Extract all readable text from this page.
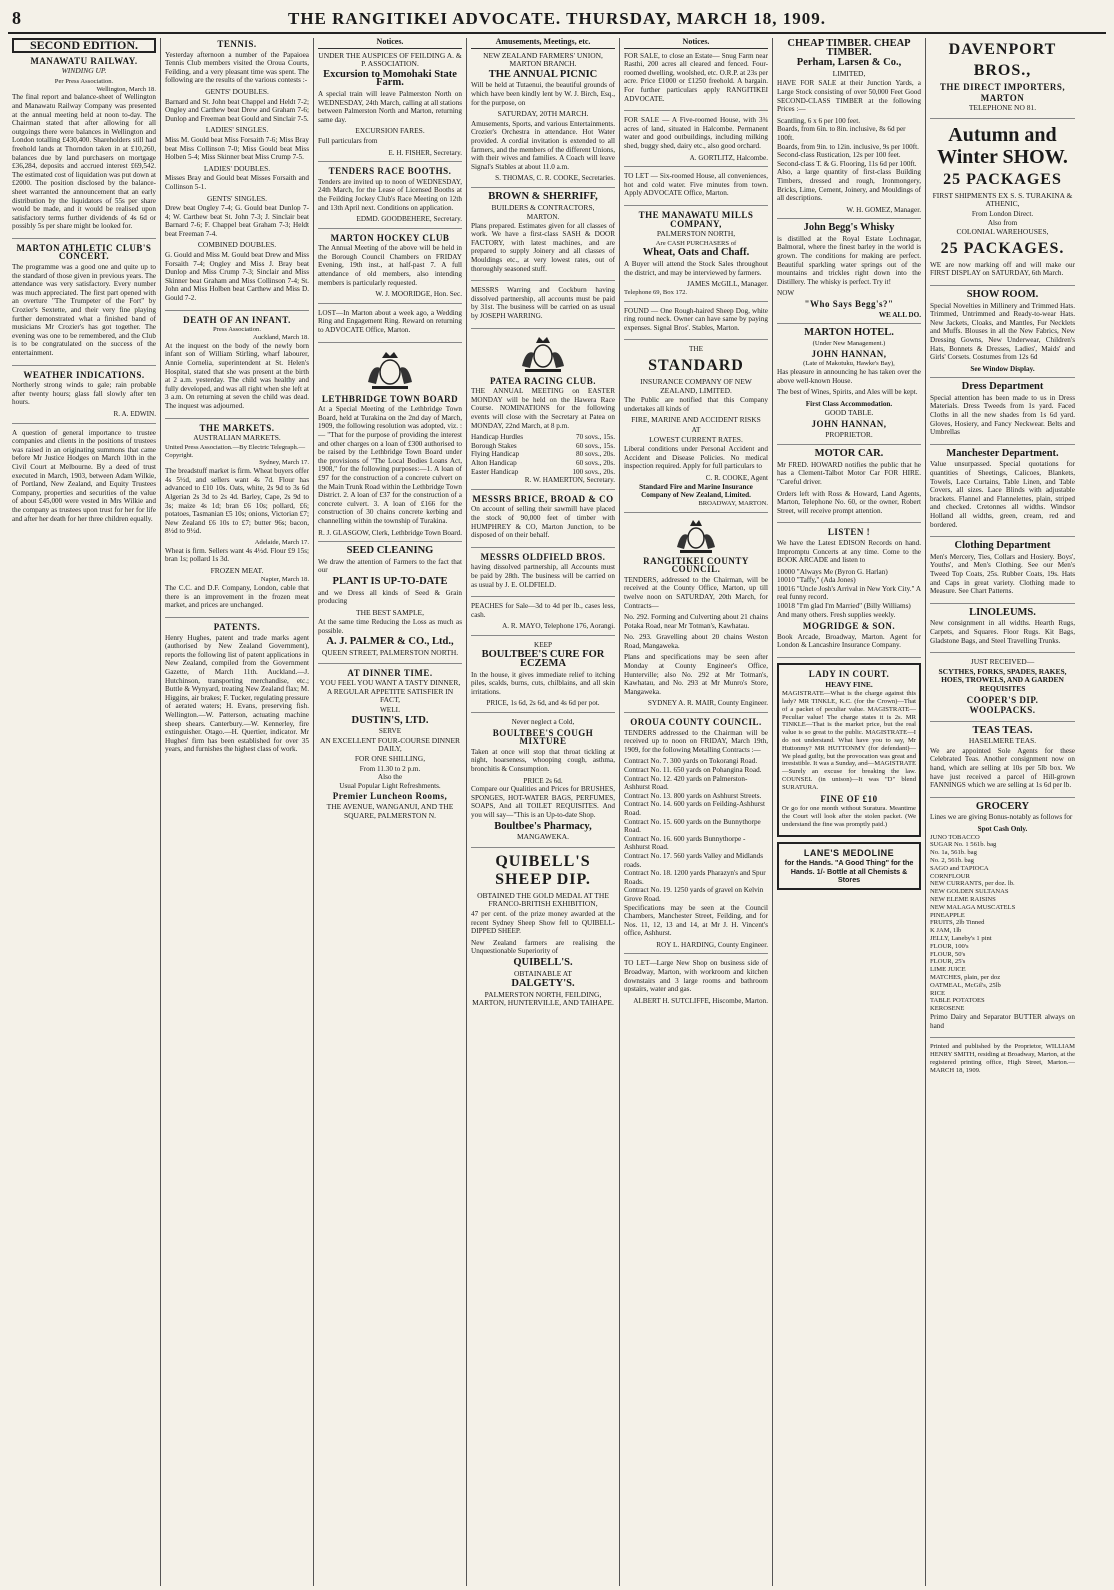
8	THE RANGITIKEI ADVOCATE. THURSDAY, MARCH 18, 1909.
SECOND EDITION.
MANAWATU RAILWAY.
WINDING UP.
Per Press Association.
Wellington, March 18.

The final report and balance-sheet of Wellington and Manawatu Railway Company was presented at the annual meeting held at noon to-day. The Chairman stated that after allowing for all outgoings there were balances in Wellington and London totalling £430,400. Shareholders still had freehold lands at Thorndon taken in at £10,260, balances due by land purchasers on mortgage £36,284, deposits and accrued interest £69,542. The estimated cost of liquidation was put down at £2000. The position disclosed by the balance-sheet warranted the announcement that an early distribution by the liquidators of 55s per share would be made, and it would be realised upon satisfactory terms further dividends of 4s 6d or possibly 5s per share might be looked for.

MARTON ATHLETIC CLUB'S CONCERT.

The programme was a good one and quite up to the standard of those given in previous years. The attendance was very satisfactory. Every number was much appreciated. The first part opened with an overture "The Trumpeter of the Fort" by Crozier's Sextette, and their very fine playing further demonstrated what a finished band of musicians Mr Crozier's has got together. The evening was one to be remembered, and the Club is to be congratulated on the success of the entertainment.

WEATHER INDICATIONS.

Northerly strong winds to gale; rain probable after twenty hours; glass fall slowly after ten hours.

R. A. EDWIN.

A question of general importance to trustee companies and clients in the positions of trustees was raised in an originating summons that came before Mr Justice Hodges on March 10th in the Civil Court at Melbourne. By a deed of trust executed in March, 1903, between Adam Wilkie, of Portland, New Zealand, and Equity Trustees Company, properties and securities of the value of about £45,000 were vested in Mrs Wilkie and the company as trustees upon trust for her for life and after her death for her three children equally.

TENNIS.

Yesterday afternoon a number of the Papaioea Tennis Club members visited the Oroua Courts, Feilding, and a very pleasant time was spent. The following are the results of the various contests :-

GENTS' DOUBLES.

Barnard and St. John beat Chappel and Heldt 7-2; Ongley and Carthew beat Drew and Graham 7-6; Dunlop and Freeman beat Gould and Sinclair 7-5.

LADIES' SINGLES.

Miss M. Gould beat Miss Forsaith 7-6; Miss Bray beat Miss Collinson 7-0; Miss Gould beat Miss Holben 5-4; Miss Skinner beat Miss Crump 7-5.

LADIES' DOUBLES.

Misses Bray and Gould beat Misses Forsaith and Collinson 5-1.

GENTS' SINGLES.

Drew beat Ongley 7-4; G. Gould beat Dunlop 7-4; W. Carthew beat St. John 7-3; J. Sinclair beat Barnard 7-6; F. Chappel beat Graham 7-3; Heldt beat Freeman 7-4.

COMBINED DOUBLES.

G. Gould and Miss M. Gould beat Drew and Miss Forsaith 7-4; Ongley and Miss J. Bray beat Dunlop and Miss Crump 7-3; Sinclair and Miss Skinner beat Graham and Miss Collinson 7-4; St. John and Miss Holben beat Carthew and Miss D. Gould 7-2.

DEATH OF AN INFANT.
Press Association.
Auckland, March 18.

At the inquest on the body of the newly born infant son of William Stirling, wharf labourer, Annie Cornelia, superintendent at St. Helen's Hospital, stated that she was present at the birth at 2 a.m. yesterday. The child was healthy and fully developed, and was all right when she left at 3 a.m. On returning at seven the child was dead. The inquest was adjourned.

THE MARKETS.
AUSTRALIAN MARKETS.
United Press Association.—By Electric Telegraph.—Copyright.
Sydney, March 17.

The breadstuff market is firm. Wheat buyers offer 4s 5½d, and sellers want 4s 7d. Flour has advanced to £10 10s. Oats, white, 2s 9d to 3s 6d Algerian 2s 3d to 2s 4d. Barley, Cape, 2s 9d to 3s; maize 4s 1d; bran £6 10s; pollard, £6; potatoes, Tasmanian £5 10s; onions, Victorian £7; New Zealand £6 10s to £7; butter 96s; bacon, 8½d to 9½d.

Adelaide, March 17.

Wheat is firm. Sellers want 4s 4½d. Flour £9 15s; bran 1s; pollard 1s 3d.

FROZEN MEAT.
Napier, March 18.

The C.C. and D.F. Company, London, cable that there is an improvement in the frozen meat market, and prices are unchanged.

PATENTS.

Henry Hughes, patent and trade marks agent (authorised by New Zealand Government), reports the following list of patent applications in New Zealand, compiled from the Government Gazette, of March 11th. Auckland.—J. Hutchinson, transporting merchandise, etc.; Buttle & Wynyard, treating New Zealand flax; M. Higgins, air brakes; F. Tucker, regulating pressure of aerated waters; H. Evans, preserving fish. Wellington.—W. Patterson, actuating machine sheep shears. Canterbury.—W. Kennerley, fire extinguisher. Otago.—H. Quertier, indicator. Mr Hughes' firm has been established for over 35 years, and furnishes the highest class of work.

Notices.
UNDER THE AUSPICES OF FEILDING A. & P. ASSOCIATION.
Excursion to Momohaki State Farm.

A special train will leave Palmerston North on WEDNESDAY, 24th March, calling at all stations between Palmerston North and Marton, returning same day.

EXCURSION FARES.

Full particulars from

E. H. FISHER, Secretary.
TENDERS RACE BOOTHS.

Tenders are invited up to noon of WEDNESDAY, 24th March, for the Lease of Licensed Booths at the Feilding Jockey Club's Race Meeting on 12th and 13th April next. Conditions on application.

EDMD. GOODBEHERE, Secretary.
MARTON HOCKEY CLUB

The Annual Meeting of the above will be held in the Borough Council Chambers on FRIDAY Evening, 19th inst., at half-past 7. A full attendance of old members, also intending members is particularly requested.

W. J. MOORIDGE, Hon. Sec.

LOST—In Marton about a week ago, a Wedding Ring and Engagement Ring. Reward on returning to ADVOCATE Office, Marton.

LETHBRIDGE TOWN BOARD

At a Special Meeting of the Lethbridge Town Board, held at Turakina on the 2nd day of March, 1909, the following resolution was adopted, viz. :— "That for the purpose of providing the interest and other charges on a loan of £300 authorised to be raised by the Lethbridge Town Board under the provisions of "The Local Bodies Loans Act, 1908," for the following purposes:—1. A loan of £97 for the construction of a concrete culvert on the Main Trunk Road within the Lethbridge Town District. 2. A loan of £37 for the construction of a concrete culvert. 3. A loan of £166 for the construction of 30 chains concrete kerbing and channelling within the township of Turakina.

R. J. GLASGOW, Clerk, Lethbridge Town Board.
SEED CLEANING

We draw the attention of Farmers to the fact that our

PLANT IS UP-TO-DATE

and we Dress all kinds of Seed & Grain producing

THE BEST SAMPLE,

At the same time Reducing the Loss as much as possible.

A. J. PALMER & CO., Ltd.,
QUEEN STREET, PALMERSTON NORTH.
AT DINNER TIME.
YOU FEEL YOU WANT A TASTY DINNER, A REGULAR APPETITE SATISFIER IN FACT,
WELL
DUSTIN'S, LTD.
SERVE
AN EXCELLENT FOUR-COURSE DINNER DAILY,
FOR ONE SHILLING,
From 11.30 to 2 p.m.
Also the
Usual Popular Light Refreshments.
Premier Luncheon Rooms,
THE AVENUE, WANGANUI, AND THE SQUARE, PALMERSTON N.
Amusements, Meetings, etc.
NEW ZEALAND FARMERS' UNION, MARTON BRANCH.
THE ANNUAL PICNIC

Will be held at Tutaenui, the beautiful grounds of which have been kindly lent by W. J. Birch, Esq., for the purpose, on

SATURDAY, 20TH MARCH.

Amusements, Sports, and various Entertainments. Crozier's Orchestra in attendance. Hot Water provided. A cordial invitation is extended to all farmers, and the members of the different Unions, with their wives and families. A Coach will leave Signal's Stables at about 11.0 a.m.

S. THOMAS, C. R. COOKE, Secretaries.
BROWN & SHERRIFF,
BUILDERS & CONTRACTORS,
MARTON.

Plans prepared. Estimates given for all classes of work. We have a first-class SASH & DOOR FACTORY, with latest machines, and are prepared to supply Joinery and all classes of Mouldings etc., at very lowest rates, out of thoroughly seasoned stuff.

MESSRS Warring and Cockburn having dissolved partnership, all accounts must be paid by 31st. The business will be carried on as usual by JOSEPH WARRING.

PATEA RACING CLUB.

THE ANNUAL MEETING on EASTER MONDAY will be held on the Hawera Race Course. NOMINATIONS for the following events will close with the Secretary at Patea on MONDAY, 22nd March, at 8 p.m.

Handicap Hurdles	70 sovs., 15s.
Borough Stakes	60 sovs., 15s.
Flying Handicap	80 sovs., 20s.
Alton Handicap	60 sovs., 20s.
Easter Handicap	100 sovs., 20s.
R. W. HAMERTON, Secretary.
MESSRS BRICE, BROAD & CO

On account of selling their sawmill have placed the stock of 90,000 feet of timber with HUMPHREY & CO, Marton Junction, to be disposed of on their behalf.

MESSRS OLDFIELD BROS.

having dissolved partnership, all Accounts must be paid by 28th. The business will be carried on as usual by J. E. OLDFIELD.

PEACHES for Sale—3d to 4d per lb., cases less, cash.

A. R. MAYO, Telephone 176, Aorangi.
KEEP
BOULTBEE'S CURE FOR ECZEMA

In the house, it gives immediate relief to itching piles, scalds, burns, cuts, chilblains, and all skin irritations.

PRICE, 1s 6d, 2s 6d, and 4s 6d per pot.
Never neglect a Cold,
BOULTBEE'S COUGH MIXTURE

Taken at once will stop that throat tickling at night, hoarseness, whooping cough, asthma, bronchitis & Consumption.

PRICE 2s 6d.

Compare our Qualities and Prices for BRUSHES, SPONGES, HOT-WATER BAGS, PERFUMES, SOAPS, And all TOILET REQUISITES. And you will say—"This is an Up-to-date Shop.

Boultbee's Pharmacy,
MANGAWEKA.
QUIBELL'S SHEEP DIP.
OBTAINED THE GOLD MEDAL AT THE FRANCO-BRITISH EXHIBITION,

47 per cent. of the prize money awarded at the recent Sydney Sheep Show fell to QUIBELL-DIPPED SHEEP.

New Zealand farmers are realising the Unquestionable Superiority of

QUIBELL'S.
OBTAINABLE AT
DALGETY'S.
PALMERSTON NORTH, FEILDING, MARTON, HUNTERVILLE, AND TAIHAPE.
Notices.

FOR SALE, to close an Estate— Snug Farm near Rasthi, 200 acres all cleared and fenced. Four-roomed dwelling, woolshed, etc. O.R.P. at 23s per acre. Price £1000 or £1250 freehold. A bargain. For further particulars apply RANGITIKEI ADVOCATE.

FOR SALE — A Five-roomed House, with 3¾ acres of land, situated in Halcombe. Permanent water and good outbuildings, including milking shed, buggy shed, dairy etc., also good orchard.

A. GORTLITZ, Halcombe.

TO LET — Six-roomed House, all conveniences, hot and cold water. Five minutes from town. Apply ADVOCATE Office, Marton.

THE MANAWATU MILLS COMPANY,
PALMERSTON NORTH,
Are CASH PURCHASERS of
Wheat, Oats and Chaff.

A Buyer will attend the Stock Sales throughout the district, and may be interviewed by farmers.

JAMES McGILL, Manager.
Telephone 69, Box 172.

FOUND — One Rough-haired Sheep Dog, white ring round neck. Owner can have same by paying expenses. Signal Bros'. Stables, Marton.

THE
STANDARD
INSURANCE COMPANY OF NEW ZEALAND, LIMITED.

The Public are notified that this Company undertakes all kinds of

FIRE, MARINE AND ACCIDENT RISKS
AT
LOWEST CURRENT RATES.

Liberal conditions under Personal Accident and Accident and Disease Policies. No medical inspection required. Apply for full particulars to

C. R. COOKE, Agent
Standard Fire and Marine Insurance Company of New Zealand, Limited.
BROADWAY, MARTON.
RANGITIKEI COUNTY COUNCIL.

TENDERS, addressed to the Chairman, will be received at the County Office, Marton, up till twelve noon on SATURDAY, 20th March, for Contracts—

No. 292. Forming and Culverting about 21 chains Potaka Road, near Mr Totman's, Kawhatau.

No. 293. Gravelling about 20 chains Weston Road, Mangaweka.

Plans and specifications may be seen after Monday at County Engineer's Office, Hunterville; also No. 292 at Mr Totman's, Kawhatau, and No. 293 at Mr Munro's Store, Mangaweka.

SYDNEY A. R. MAIR, County Engineer.
OROUA COUNTY COUNCIL.

TENDERS addressed to the Chairman will be received up to noon on FRIDAY, March 19th, 1909, for the following Metalling Contracts :—

Contract No. 7. 300 yards on Tokorangi Road.
Contract No. 11. 650 yards on Pohangina Road.
Contract No. 12. 420 yards on Palmerston-Ashhurst Road.
Contract No. 13. 800 yards on Ashhurst Streets.
Contract No. 14. 600 yards on Feilding-Ashhurst Road.
Contract No. 15. 600 yards on the Bunnythorpe Road.
Contract No. 16. 600 yards Bunnythorpe - Ashhurst Road.
Contract No. 17. 560 yards Valley and Midlands roads.
Contract No. 18. 1200 yards Pharazyn's and Spur Roads.
Contract No. 19. 1250 yards of gravel on Kelvin Grove Road.

Specifications may be seen at the Council Chambers, Manchester Street, Feilding, and for Nos. 11, 12, 13 and 14, at Mr J. H. Vincent's office, Ashhurst.

ROY L. HARDING, County Engineer.

TO LET—Large New Shop on business side of Broadway, Marton, with workroom and kitchen downstairs and 3 large rooms and bathroom upstairs, water and gas.

ALBERT H. SUTCLIFFE, Hiscombe, Marton.
CHEAP TIMBER. CHEAP TIMBER.
Perham, Larsen & Co.,
LIMITED,

HAVE FOR SALE at their Junction Yards, a Large Stock consisting of over 50,000 Feet Good SECOND-CLASS TIMBER at the following Prices :—

Scantling, 6 x 6 per 100 feet.
Boards, from 6in. to 8in. inclusive, 8s 6d per 100ft.
Boards, from 9in. to 12in. inclusive, 9s per 100ft.
Second-class Rustication, 12s per 100 feet.
Second-class T. & G. Flooring, 11s 6d per 100ft.

Also, a large quantity of first-class Building Timbers, dressed and rough, Ironmongery, Bricks, Lime, Cement, Joinery, and Mouldings of all descriptions.

W. H. GOMEZ, Manager.
John Begg's Whisky

is distilled at the Royal Estate Lochnagar, Balmoral, where the finest barley in the world is grown. The conditions for making are perfect. Beautiful sparkling water springs out of the mountains and trickles right down into the Distillery. The whisky is perfect. Try it!

NOW
"Who Says Begg's?"
WE ALL DO.
MARTON HOTEL.
(Under New Management.)
JOHN HANNAN,
(Late of Makotuku, Hawke's Bay),

Has pleasure in announcing he has taken over the above well-known House.

The best of Wines, Spirits, and Ales will be kept.

First Class Accommodation.
GOOD TABLE.
JOHN HANNAN,
PROPRIETOR.
MOTOR CAR.

Mr FRED. HOWARD notifies the public that he has a Clement-Talbot Motor Car FOR HIRE. "Careful driver.

Orders left with Ross & Howard, Land Agents, Marton, Telephone No. 60, or the owner, Robert Street, will receive prompt attention.

LISTEN !

We have the Latest EDISON Records on hand. Impromptu Concerts at any time. Come to the BOOK ARCADE and listen to

10000 "Always Me (Byron G. Harlan)
10010 "Taffy," (Ada Jones)
10016 "Uncle Josh's Arrival in New York City." A real funny record.
10018 "I'm glad I'm Married" (Billy Williams)

And many others. Fresh supplies weekly.

MOGRIDGE & SON.

Book Arcade, Broadway, Marton. Agent for London & Lancashire Insurance Company.

LADY IN COURT.
HEAVY FINE.

MAGISTRATE—What is the charge against this lady? MR TINKLE, K.C. (for the Crown)—That of a packet of peculiar value. MAGISTRATE—Peculiar value! The charge states it is 2s. MR TINKLE—That is the market price, but the real value is so great to the public. MAGISTRATE—I do not understand. What have you to say, Mr Huttonmy? MR HUTTONMY (for defendant)—We plead guilty, but the provocation was great and irresistible. It was a Sunday, and—MAGISTRATE—Surely an excuse for breaking the law. COUNSEL (in unison)—It was "D" blend SURATURA.

FINE OF £10

Or go for one month without Suratura. Meantime the Court will look after the stolen packet. (We understand the fine was promptly paid.)

LANE'S MEDOLINE
for the Hands. "A Good Thing" for the Hands. 1/- Bottle at all Chemists & Stores
DAVENPORT
BROS.,
THE DIRECT IMPORTERS,
MARTON
TELEPHONE NO 81.
Autumn and Winter SHOW.
25 PACKAGES
FIRST SHIPMENTS EX S. S. TURAKINA & ATHENIC,
From London Direct.
Also from
COLONIAL WAREHOUSES,
25 PACKAGES.

WE are now marking off and will make our FIRST DISPLAY on SATURDAY, 6th March.

SHOW ROOM.

Special Novelties in Millinery and Trimmed Hats. Trimmed, Untrimmed and Ready-to-wear Hats. New Jackets, Cloaks, and Mantles, Fur Necklets and Muffs. Blouses in all the New Fabrics, New Dressing Gowns, New Underwear, Children's Hats, Bonnets & Dresses, Ladies', Maids' and Girls' Corsets. Costumes from 12s 6d

See Window Display.
Dress Department

Special attention has been made to us in Dress Materials. Dress Tweeds from 1s yard. Faced Cloths in all the new shades from 1s 6d yard. Gloves, Hosiery, and Fancy Neckwear. Belts and Umbrellas

Manchester Department.

Value unsurpassed. Special quotations for quantities of Sheetings, Calicoes, Blankets, Towels, Lace Curtains, Table Linen, and Table Covers, all sizes. Lace Blinds with adjustable brackets. Flannel and Flannelettes, plain, striped and checked. Cretonnes all widths. Windsor Holland all widths, green, cream, red and bordered.

Clothing Department

Men's Mercery, Ties, Collars and Hosiery. Boys', Youths', and Men's Clothing. See our Men's Tweed Top Coats, 25s. Rubber Coats, 19s. Hats and Caps in great variety. Clothing made to Measure. See Chart Patterns.

LINOLEUMS.

New consignment in all widths. Hearth Rugs, Carpets, and Squares. Floor Rugs. Kit Bags, Gladstone Bags, and Steel Travelling Trunks.

JUST RECEIVED—
SCYTHES, FORKS, SPADES, RAKES, HOES, TROWELS, AND A GARDEN REQUISITES
COOPER'S DIP.
WOOLPACKS.
TEAS TEAS.
HASELMERE TEAS.

We are appointed Sole Agents for these Celebrated Teas. Another consignment now on hand, which are selling at 10s per 5lb box. We have just received a parcel of Hill-grown FANNINGS which we are selling at 1s 6d per lb.

GROCERY

Lines we are giving Bonus-notably as follows for

Spot Cash Only.
JUNO TOBACCO
SUGAR No. 1 561b. bag
No. 1a, 561b. bag
No. 2, 561b. bag
SAGO and TAPIOCA
CORNFLOUR
NEW CURRANTS, per doz. lb.
NEW GOLDEN SULTANAS
NEW ELEME RAISINS
NEW MALAGA MUSCATELS
PINEAPPLE
FRUITS, 2lb Tinned
K JAM, 1lb
JELLY, Laneby's 1 pint
FLOUR, 100's
FLOUR, 50's
FLOUR, 25's
LIME JUICE
MATCHES, plain, per doz
OATMEAL, McGil's, 25lb
RICE
TABLE POTATOES
KEROSENE

Primo Dairy and Separator BUTTER always on hand

Printed and published by the Proprietor, WILLIAM HENRY SMITH, residing at Broadway, Marton, at the registered printing office, High Street, Marton.—MARCH 18, 1909.
